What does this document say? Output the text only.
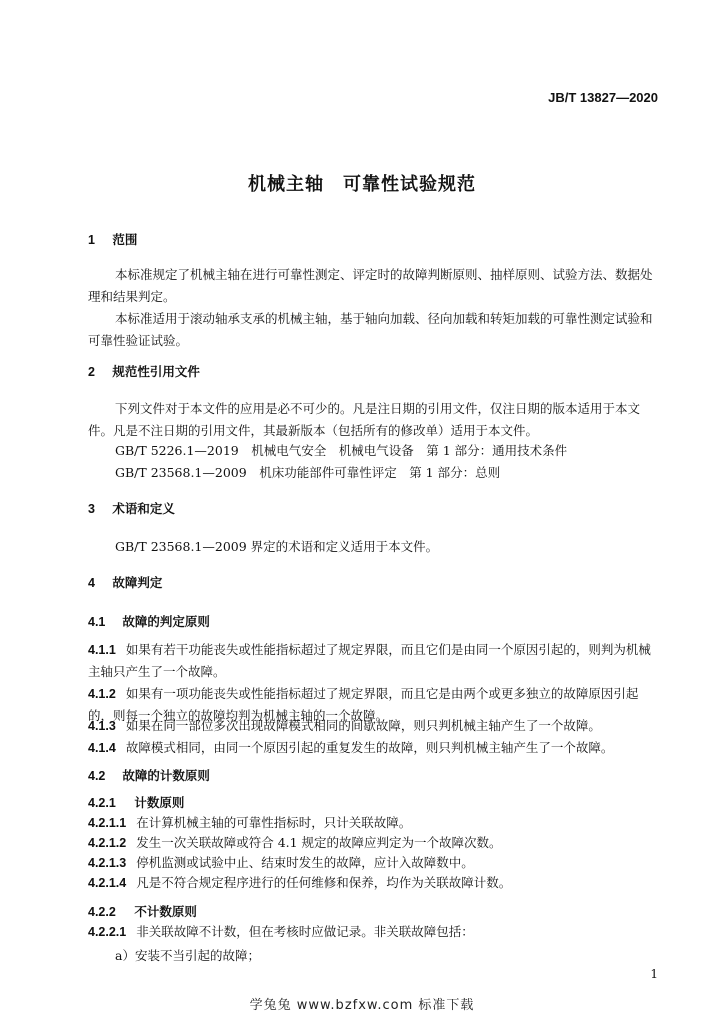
JB/T 13827—2020
机械主轴　可靠性试验规范
1 范围
本标准规定了机械主轴在进行可靠性测定、评定时的故障判断原则、抽样原则、试验方法、数据处理和结果判定。
本标准适用于滚动轴承支承的机械主轴，基于轴向加载、径向加载和转矩加载的可靠性测定试验和可靠性验证试验。
2 规范性引用文件
下列文件对于本文件的应用是必不可少的。凡是注日期的引用文件，仅注日期的版本适用于本文件。凡是不注日期的引用文件，其最新版本（包括所有的修改单）适用于本文件。
GB/T 5226.1—2019　机械电气安全　机械电气设备　第 1 部分：通用技术条件
GB/T 23568.1—2009　机床功能部件可靠性评定　第 1 部分：总则
3 术语和定义
GB/T 23568.1—2009 界定的术语和定义适用于本文件。
4 故障判定
4.1 故障的判定原则
4.1.1 如果有若干功能丧失或性能指标超过了规定界限，而且它们是由同一个原因引起的，则判为机械主轴只产生了一个故障。
4.1.2 如果有一项功能丧失或性能指标超过了规定界限，而且它是由两个或更多独立的故障原因引起的，则每一个独立的故障均判为机械主轴的一个故障。
4.1.3 如果在同一部位多次出现故障模式相同的间歇故障，则只判机械主轴产生了一个故障。
4.1.4 故障模式相同，由同一个原因引起的重复发生的故障，则只判机械主轴产生了一个故障。
4.2 故障的计数原则
4.2.1 计数原则
4.2.1.1 在计算机械主轴的可靠性指标时，只计关联故障。
4.2.1.2 发生一次关联故障或符合 4.1 规定的故障应判定为一个故障次数。
4.2.1.3 停机监测或试验中止、结束时发生的故障，应计入故障数中。
4.2.1.4 凡是不符合规定程序进行的任何维修和保养，均作为关联故障计数。
4.2.2 不计数原则
4.2.2.1 非关联故障不计数，但在考核时应做记录。非关联故障包括：
a）安装不当引起的故障；
1
学兔兔 www.bzfxw.com 标准下载
